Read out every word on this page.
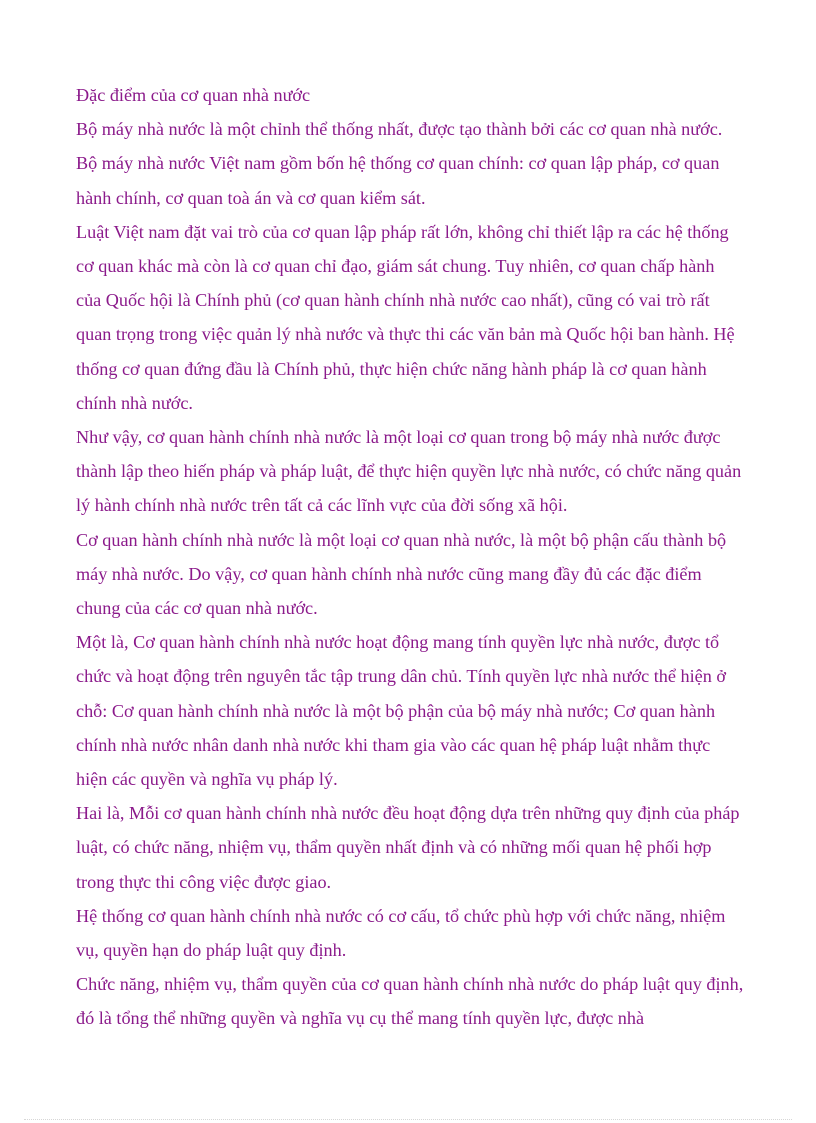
Đặc điểm của cơ quan nhà nước

Bộ máy nhà nước là một chỉnh thể thống nhất, được tạo thành bởi các cơ quan nhà nước.

Bộ máy nhà nước Việt nam gồm bốn hệ thống cơ quan chính: cơ quan lập pháp, cơ quan hành chính, cơ quan toà án và cơ quan kiểm sát.

Luật Việt nam đặt vai trò của cơ quan lập pháp rất lớn, không chỉ thiết lập ra các hệ thống cơ quan khác mà còn là cơ quan chỉ đạo, giám sát chung. Tuy nhiên, cơ quan chấp hành của Quốc hội là Chính phủ (cơ quan hành chính nhà nước cao nhất), cũng có vai trò rất quan trọng trong việc quản lý nhà nước và thực thi các văn bản mà Quốc hội ban hành. Hệ thống cơ quan đứng đầu là Chính phủ, thực hiện chức năng hành pháp là cơ quan hành chính nhà nước.

Như vậy, cơ quan hành chính nhà nước là một loại cơ quan trong bộ máy nhà nước được thành lập theo hiến pháp và pháp luật, để thực hiện quyền lực nhà nước, có chức năng quản lý hành chính nhà nước trên tất cả các lĩnh vực của đời sống xã hội.

Cơ quan hành chính nhà nước là một loại cơ quan nhà nước, là một bộ phận cấu thành bộ máy nhà nước. Do vậy, cơ quan hành chính nhà nước cũng mang đầy đủ các đặc điểm chung của các cơ quan nhà nước.

Một là, Cơ quan hành chính nhà nước hoạt động mang tính quyền lực nhà nước, được tổ chức và hoạt động trên nguyên tắc tập trung dân chủ. Tính quyền lực nhà nước thể hiện ở chỗ: Cơ quan hành chính nhà nước là một bộ phận của bộ máy nhà nước; Cơ quan hành chính nhà nước nhân danh nhà nước khi tham gia vào các quan hệ pháp luật nhằm thực hiện các quyền và nghĩa vụ pháp lý.

Hai là, Mỗi cơ quan hành chính nhà nước đều hoạt động dựa trên những quy định của pháp luật, có chức năng, nhiệm vụ, thẩm quyền nhất định và có những mối quan hệ phối hợp trong thực thi công việc được giao.

Hệ thống cơ quan hành chính nhà nước có cơ cấu, tổ chức phù hợp với chức năng, nhiệm vụ, quyền hạn do pháp luật quy định.

Chức năng, nhiệm vụ, thẩm quyền của cơ quan hành chính nhà nước do pháp luật quy định, đó là tổng thể những quyền và nghĩa vụ cụ thể mang tính quyền lực, được nhà
